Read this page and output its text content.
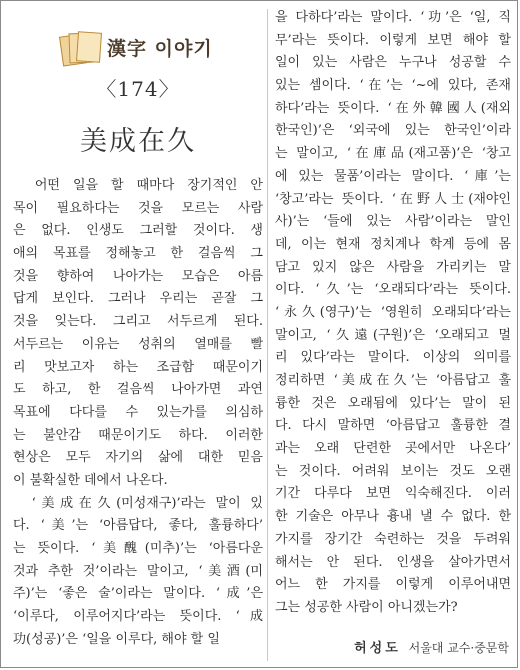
漢字 이야기
〈174〉
美成在久
　어떤 일을 할 때마다 장기적인 안
목이 필요하다는 것을 모르는 사람
은 없다. 인생도 그러할 것이다. 생
애의 목표를 정해놓고 한 걸음씩 그
것을 향하여 나아가는 모습은 아름
답게 보인다. 그러나 우리는 곧잘 그
것을 잊는다. 그리고 서두르게 된다.
서두르는 이유는 성취의 열매를 빨
리 맛보고자 하는 조급함 때문이기
도 하고, 한 걸음씩 나아가면 과연
목표에 다다를 수 있는가를 의심하
는 불안감 때문이기도 하다. 이러한
현상은 모두 자기의 삶에 대한 믿음
이 불확실한 데에서 나온다.
　‘美成在久(미성재구)’라는 말이 있
다. ‘美’는 ‘아름답다, 좋다, 훌륭하다’
는 뜻이다. ‘美醜(미추)’는 ‘아름다운
것과 추한 것’이라는 말이고, ‘美酒(미
주)’는 ‘좋은 술’이라는 말이다. ‘成’은
‘이루다, 이루어지다’라는 뜻이다. ‘成
功(성공)’은 ‘일을 이루다, 해야 할 일
을 다하다’라는 말이다. ‘功’은 ‘일, 직
무’라는 뜻이다. 이렇게 보면 해야 할
일이 있는 사람은 누구나 성공할 수
있는 셈이다. ‘在’는 ‘~에 있다, 존재
하다’라는 뜻이다. ‘在外韓國人(재외
한국인)’은 ‘외국에 있는 한국인’이라
는 말이고, ‘在庫品(재고품)’은 ‘창고
에 있는 물품’이라는 말이다. ‘庫’는
‘창고’라는 뜻이다. ‘在野人士(재야인
사)’는 ‘들에 있는 사람’이라는 말인
데, 이는 현재 정치계나 학계 등에 몸
담고 있지 않은 사람을 가리키는 말
이다. ‘久’는 ‘오래되다’라는 뜻이다.
‘永久(영구)’는 ‘영원히 오래되다’라는
말이고, ‘久遠(구원)’은 ‘오래되고 멀
리 있다’라는 말이다. 이상의 의미를
정리하면 ‘美成在久’는 ‘아름답고 훌
륭한 것은 오래됨에 있다’는 말이 된
다. 다시 말하면 ‘아름답고 훌륭한 결
과는 오래 단련한 곳에서만 나온다’
는 것이다. 어려워 보이는 것도 오랜
기간 다루다 보면 익숙해진다. 이러
한 기술은 아무나 흉내 낼 수 없다. 한
가지를 장기간 숙련하는 것을 두려워
해서는 안 된다. 인생을 살아가면서
어느 한 가지를 이렇게 이루어내면
그는 성공한 사람이 아니겠는가?
허성도 서울대 교수·중문학
